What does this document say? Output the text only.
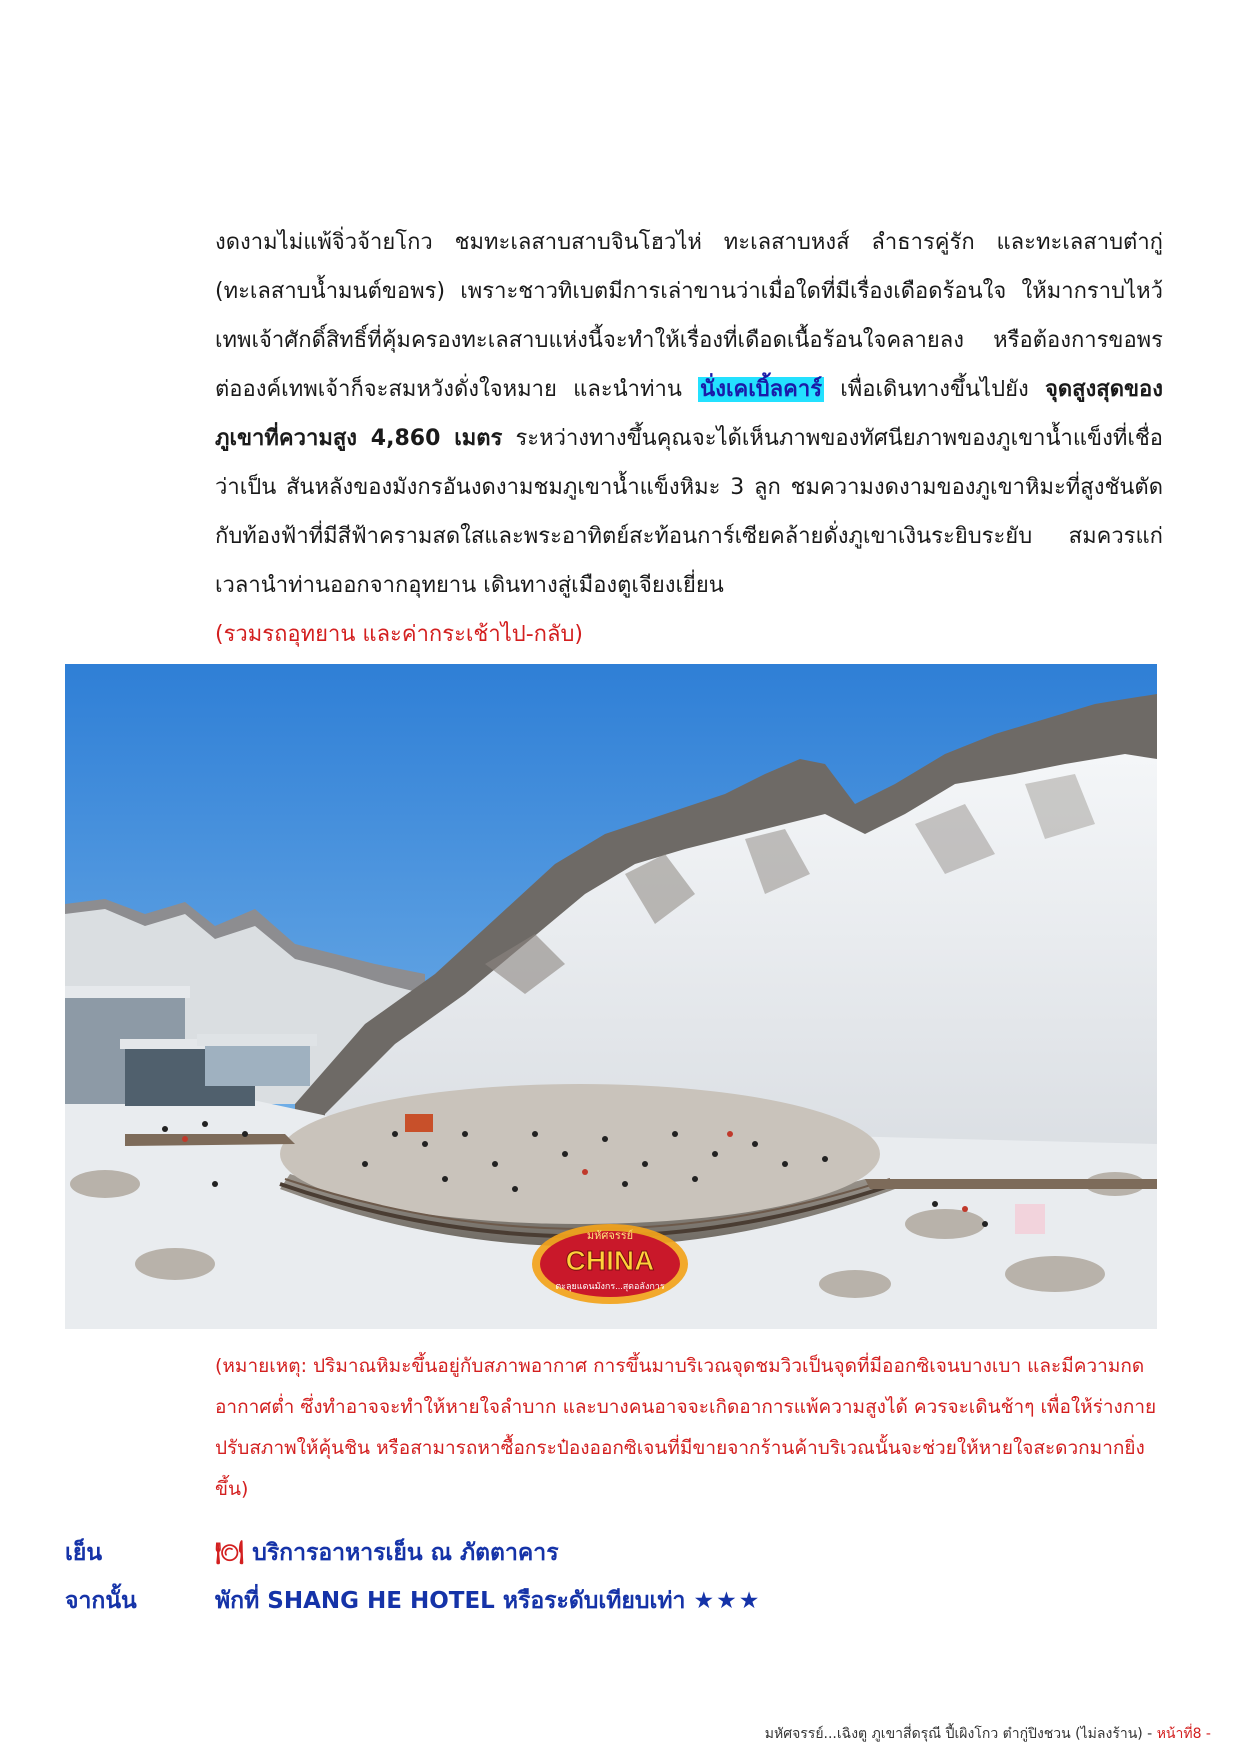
งดงามไม่แพ้จิ่วจ้ายโกว ชมทะเลสาบสาบจินโฮวไห่ ทะเลสาบหงส์ ลำธารคู่รัก และทะเลสาบต๋ากู่ (ทะเลสาบน้ำมนต์ขอพร) เพราะชาวทิเบตมีการเล่าขานว่าเมื่อใดที่มีเรื่องเดือดร้อนใจ ให้มากราบไหว้เทพเจ้าศักดิ์สิทธิ์ที่คุ้มครองทะเลสาบแห่งนี้จะทำให้เรื่องที่เดือดเนื้อร้อนใจคลายลง หรือต้องการขอพรต่อองค์เทพเจ้าก็จะสมหวังดั่งใจหมาย และนำท่าน นั่งเคเบิ้ลคาร์ เพื่อเดินทางขึ้นไปยัง จุดสูงสุดของภูเขาที่ความสูง 4,860 เมตร ระหว่างทางขึ้นคุณจะได้เห็นภาพของทัศนียภาพของภูเขาน้ำแข็งที่เชื่อว่าเป็น สันหลังของมังกรอันงดงามชมภูเขาน้ำแข็งหิมะ 3 ลูก ชมความงดงามของภูเขาหิมะที่สูงชันตัดกับท้องฟ้าที่มีสีฟ้าครามสดใสและพระอาทิตย์สะท้อนการ์เซียคล้ายดั่งภูเขาเงินระยิบระยับ สมควรแก่เวลานำท่านออกจากอุทยาน เดินทางสู่เมืองตูเจียงเยี่ยน
(รวมรถอุทยาน และค่ากระเช้าไป-กลับ)
มหัศจรรย์
CHINA
ตะลุยแดนมังกร...สุดอลังการ
(หมายเหตุ: ปริมาณหิมะขึ้นอยู่กับสภาพอากาศ การขึ้นมาบริเวณจุดชมวิวเป็นจุดที่มีออกซิเจนบางเบา และมีความกดอากาศต่ำ ซึ่งทำอาจจะทำให้หายใจลำบาก และบางคนอาจจะเกิดอาการแพ้ความสูงได้ ควรจะเดินช้าๆ เพื่อให้ร่างกายปรับสภาพให้คุ้นชิน หรือสามารถหาซื้อกระป๋องออกซิเจนที่มีขายจากร้านค้าบริเวณนั้นจะช่วยให้หายใจสะดวกมากยิ่งขึ้น)
เย็น	🍽 บริการอาหารเย็น ณ ภัตตาคาร
จากนั้น	พักที่ SHANG HE HOTEL หรือระดับเทียบเท่า ★★★
มหัศจรรย์...เฉิงตู ภูเขาสี่ดรุณี ปี้เผิงโกว ต๋ากู่ปิงชวน (ไม่ลงร้าน) - หน้าที่8 -
